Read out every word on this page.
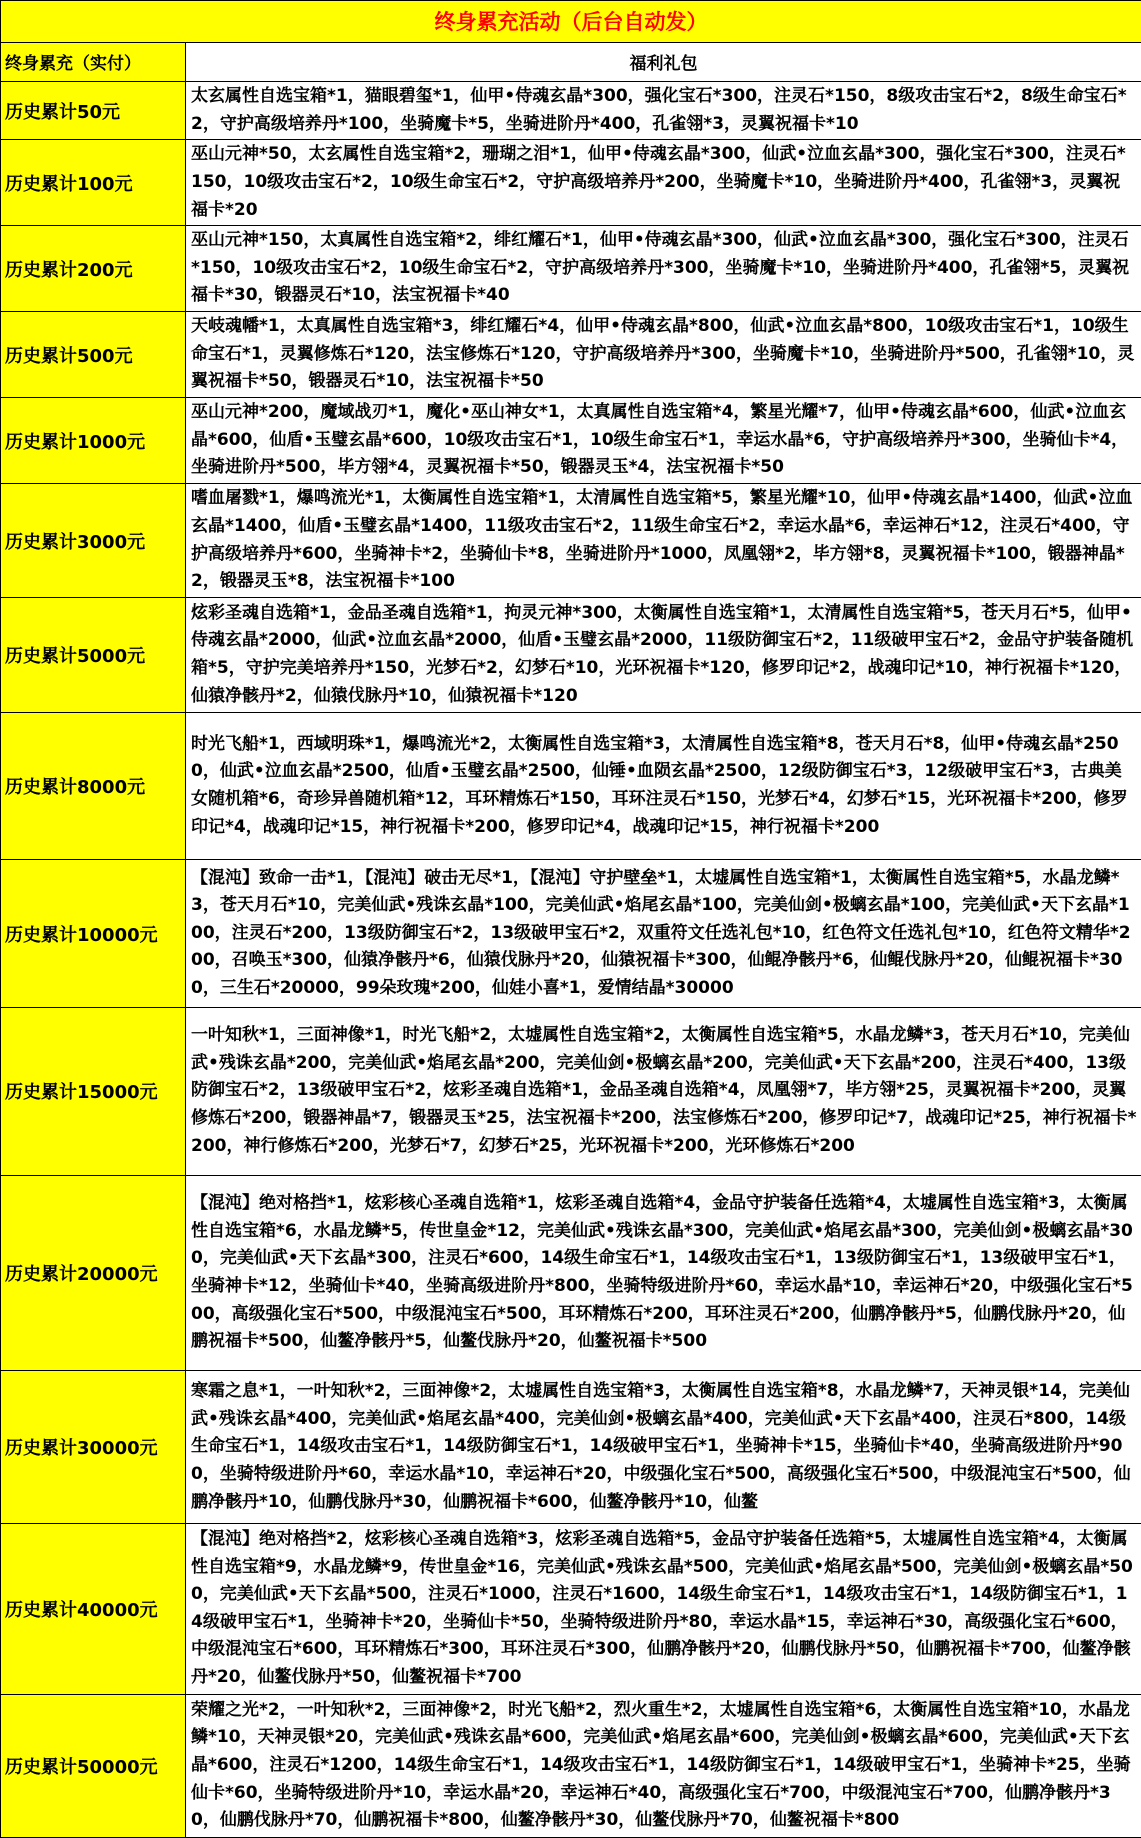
终身累充活动（后台自动发）	
终身累充（实付）	福利礼包
历史累计50元	太玄属性自选宝箱*1，猫眼碧玺*1，仙甲•侍魂玄晶*300，强化宝石*300，注灵石*150，8级攻击宝石*2，8级生命宝石*2，守护高级培养丹*100，坐骑魔卡*5，坐骑进阶丹*400，孔雀翎*3，灵翼祝福卡*10
历史累计100元	巫山元神*50，太玄属性自选宝箱*2，珊瑚之泪*1，仙甲•侍魂玄晶*300，仙武•泣血玄晶*300，强化宝石*300，注灵石*150，10级攻击宝石*2，10级生命宝石*2，守护高级培养丹*200，坐骑魔卡*10，坐骑进阶丹*400，孔雀翎*3，灵翼祝福卡*20
历史累计200元	巫山元神*150，太真属性自选宝箱*2，绯红耀石*1，仙甲•侍魂玄晶*300，仙武•泣血玄晶*300，强化宝石*300，注灵石*150，10级攻击宝石*2，10级生命宝石*2，守护高级培养丹*300，坐骑魔卡*10，坐骑进阶丹*400，孔雀翎*5，灵翼祝福卡*30，锻器灵石*10，法宝祝福卡*40
历史累计500元	天岐魂幡*1，太真属性自选宝箱*3，绯红耀石*4，仙甲•侍魂玄晶*800，仙武•泣血玄晶*800，10级攻击宝石*1，10级生命宝石*1，灵翼修炼石*120，法宝修炼石*120，守护高级培养丹*300，坐骑魔卡*10，坐骑进阶丹*500，孔雀翎*10，灵翼祝福卡*50，锻器灵石*10，法宝祝福卡*50
历史累计1000元	巫山元神*200，魔域战刃*1，魔化•巫山神女*1，太真属性自选宝箱*4，繁星光耀*7，仙甲•侍魂玄晶*600，仙武•泣血玄晶*600，仙盾•玉璧玄晶*600，10级攻击宝石*1，10级生命宝石*1，幸运水晶*6，守护高级培养丹*300，坐骑仙卡*4，坐骑进阶丹*500，毕方翎*4，灵翼祝福卡*50，锻器灵玉*4，法宝祝福卡*50
历史累计3000元	嗜血屠戮*1，爆鸣流光*1，太衡属性自选宝箱*1，太清属性自选宝箱*5，繁星光耀*10，仙甲•侍魂玄晶*1400，仙武•泣血玄晶*1400，仙盾•玉璧玄晶*1400，11级攻击宝石*2，11级生命宝石*2，幸运水晶*6，幸运神石*12，注灵石*400，守护高级培养丹*600，坐骑神卡*2，坐骑仙卡*8，坐骑进阶丹*1000，凤凰翎*2，毕方翎*8，灵翼祝福卡*100，锻器神晶*2，锻器灵玉*8，法宝祝福卡*100
历史累计5000元	炫彩圣魂自选箱*1，金品圣魂自选箱*1，拘灵元神*300，太衡属性自选宝箱*1，太清属性自选宝箱*5，苍天月石*5，仙甲•侍魂玄晶*2000，仙武•泣血玄晶*2000，仙盾•玉璧玄晶*2000，11级防御宝石*2，11级破甲宝石*2，金品守护装备随机箱*5，守护完美培养丹*150，光梦石*2，幻梦石*10，光环祝福卡*120，修罗印记*2，战魂印记*10，神行祝福卡*120，仙猿净骸丹*2，仙猿伐脉丹*10，仙猿祝福卡*120
历史累计8000元	时光飞船*1，西域明珠*1，爆鸣流光*2，太衡属性自选宝箱*3，太清属性自选宝箱*8，苍天月石*8，仙甲•侍魂玄晶*2500，仙武•泣血玄晶*2500，仙盾•玉璧玄晶*2500，仙锤•血陨玄晶*2500，12级防御宝石*3，12级破甲宝石*3，古典美女随机箱*6，奇珍异兽随机箱*12，耳环精炼石*150，耳环注灵石*150，光梦石*4，幻梦石*15，光环祝福卡*200，修罗印记*4，战魂印记*15，神行祝福卡*200，修罗印记*4，战魂印记*15，神行祝福卡*200
历史累计10000元	【混沌】致命一击*1，【混沌】破击无尽*1，【混沌】守护壁垒*1，太墟属性自选宝箱*1，太衡属性自选宝箱*5，水晶龙鳞*3，苍天月石*10，完美仙武•残诛玄晶*100，完美仙武•焰尾玄晶*100，完美仙剑•极螭玄晶*100，完美仙武•天下玄晶*100，注灵石*200，13级防御宝石*2，13级破甲宝石*2，双重符文任选礼包*10，红色符文任选礼包*10，红色符文精华*200，召唤玉*300，仙猿净骸丹*6，仙猿伐脉丹*20，仙猿祝福卡*300，仙鲲净骸丹*6，仙鲲伐脉丹*20，仙鲲祝福卡*300，三生石*20000，99朵玫瑰*200，仙娃小喜*1，爱情结晶*30000
历史累计15000元	一叶知秋*1，三面神像*1，时光飞船*2，太墟属性自选宝箱*2，太衡属性自选宝箱*5，水晶龙鳞*3，苍天月石*10，完美仙武•残诛玄晶*200，完美仙武•焰尾玄晶*200，完美仙剑•极螭玄晶*200，完美仙武•天下玄晶*200，注灵石*400，13级防御宝石*2，13级破甲宝石*2，炫彩圣魂自选箱*1，金品圣魂自选箱*4，凤凰翎*7，毕方翎*25，灵翼祝福卡*200，灵翼修炼石*200，锻器神晶*7，锻器灵玉*25，法宝祝福卡*200，法宝修炼石*200，修罗印记*7，战魂印记*25，神行祝福卡*200，神行修炼石*200，光梦石*7，幻梦石*25，光环祝福卡*200，光环修炼石*200
历史累计20000元	【混沌】绝对格挡*1，炫彩核心圣魂自选箱*1，炫彩圣魂自选箱*4，金品守护装备任选箱*4，太墟属性自选宝箱*3，太衡属性自选宝箱*6，水晶龙鳞*5，传世皇金*12，完美仙武•残诛玄晶*300，完美仙武•焰尾玄晶*300，完美仙剑•极螭玄晶*300，完美仙武•天下玄晶*300，注灵石*600，14级生命宝石*1，14级攻击宝石*1，13级防御宝石*1，13级破甲宝石*1，坐骑神卡*12，坐骑仙卡*40，坐骑高级进阶丹*800，坐骑特级进阶丹*60，幸运水晶*10，幸运神石*20，中级强化宝石*500，高级强化宝石*500，中级混沌宝石*500，耳环精炼石*200，耳环注灵石*200，仙鹏净骸丹*5，仙鹏伐脉丹*20，仙鹏祝福卡*500，仙鳌净骸丹*5，仙鳌伐脉丹*20，仙鳌祝福卡*500
历史累计30000元	寒霜之息*1，一叶知秋*2，三面神像*2，太墟属性自选宝箱*3，太衡属性自选宝箱*8，水晶龙鳞*7，天神灵银*14，完美仙武•残诛玄晶*400，完美仙武•焰尾玄晶*400，完美仙剑•极螭玄晶*400，完美仙武•天下玄晶*400，注灵石*800，14级生命宝石*1，14级攻击宝石*1，14级防御宝石*1，14级破甲宝石*1，坐骑神卡*15，坐骑仙卡*40，坐骑高级进阶丹*900，坐骑特级进阶丹*60，幸运水晶*10，幸运神石*20，中级强化宝石*500，高级强化宝石*500，中级混沌宝石*500，仙鹏净骸丹*10，仙鹏伐脉丹*30，仙鹏祝福卡*600，仙鳌净骸丹*10，仙鳌
历史累计40000元	【混沌】绝对格挡*2，炫彩核心圣魂自选箱*3，炫彩圣魂自选箱*5，金品守护装备任选箱*5，太墟属性自选宝箱*4，太衡属性自选宝箱*9，水晶龙鳞*9，传世皇金*16，完美仙武•残诛玄晶*500，完美仙武•焰尾玄晶*500，完美仙剑•极螭玄晶*500，完美仙武•天下玄晶*500，注灵石*1000，注灵石*1600，14级生命宝石*1，14级攻击宝石*1，14级防御宝石*1，14级破甲宝石*1，坐骑神卡*20，坐骑仙卡*50，坐骑特级进阶丹*80，幸运水晶*15，幸运神石*30，高级强化宝石*600，中级混沌宝石*600，耳环精炼石*300，耳环注灵石*300，仙鹏净骸丹*20，仙鹏伐脉丹*50，仙鹏祝福卡*700，仙鳌净骸丹*20，仙鳌伐脉丹*50，仙鳌祝福卡*700
历史累计50000元	荣耀之光*2，一叶知秋*2，三面神像*2，时光飞船*2，烈火重生*2，太墟属性自选宝箱*6，太衡属性自选宝箱*10，水晶龙鳞*10，天神灵银*20，完美仙武•残诛玄晶*600，完美仙武•焰尾玄晶*600，完美仙剑•极螭玄晶*600，完美仙武•天下玄晶*600，注灵石*1200，14级生命宝石*1，14级攻击宝石*1，14级防御宝石*1，14级破甲宝石*1，坐骑神卡*25，坐骑仙卡*60，坐骑特级进阶丹*10，幸运水晶*20，幸运神石*40，高级强化宝石*700，中级混沌宝石*700，仙鹏净骸丹*30，仙鹏伐脉丹*70，仙鹏祝福卡*800，仙鳌净骸丹*30，仙鳌伐脉丹*70，仙鳌祝福卡*800
